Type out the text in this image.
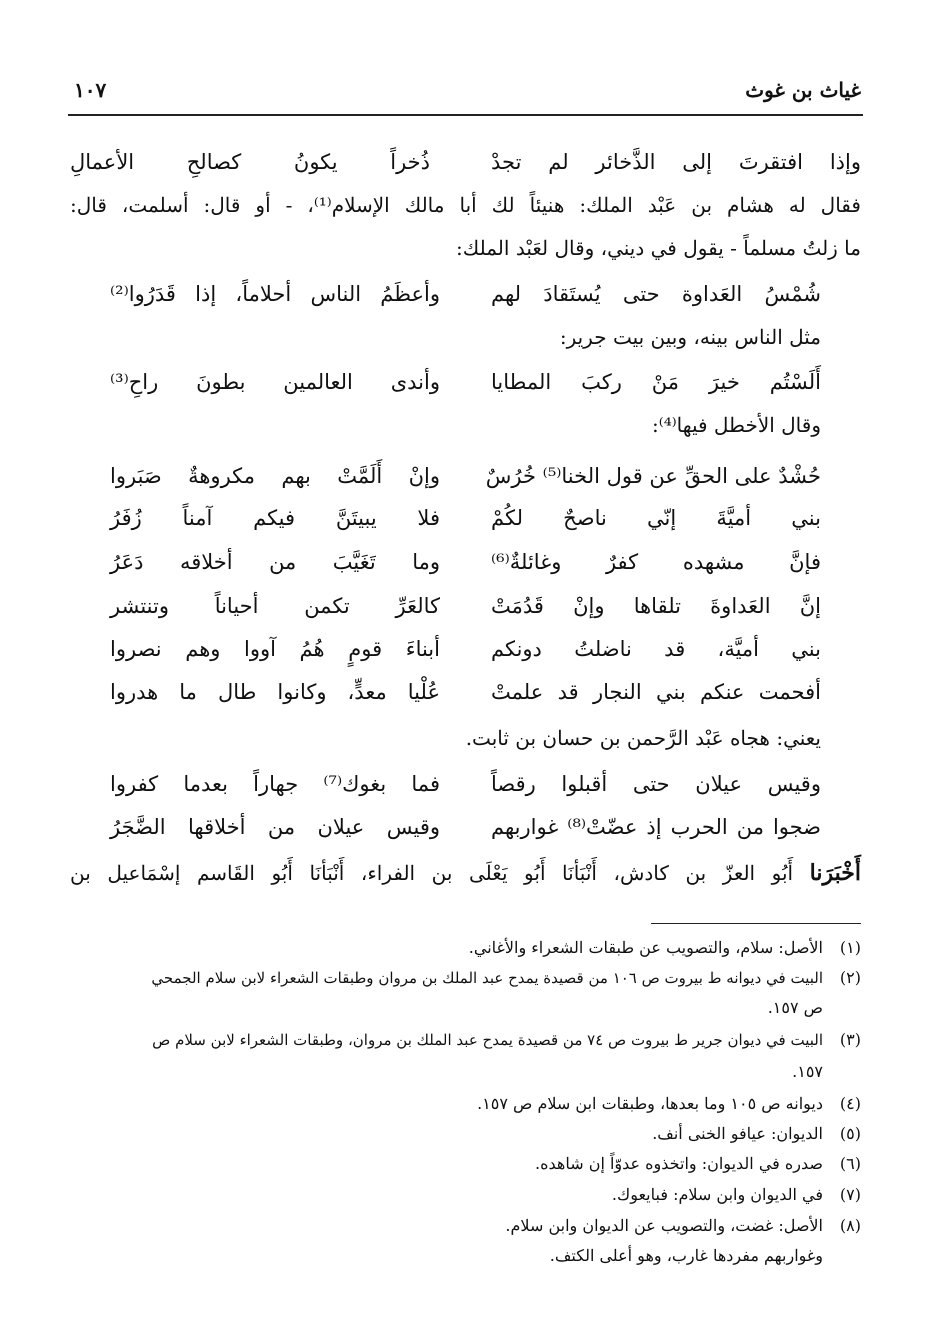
غياث بن غوث
١٠٧
وإذا افتقرتَ إلى الذَّخائر لم تجدْ
ذُخراً يكونُ كصالحِ الأعمالِ
فقال له هشام بن عَبْد الملك: هنيئاً لك أبا مالك الإسلام⁽¹⁾، - أو قال: أسلمت، قال:
ما زلتُ مسلماً - يقول في ديني، وقال لعَبْد الملك:
شُمْسُ العَداوة حتى يُستَقادَ لهم
وأعظَمُ الناس أحلاماً، إذا قَدَرُوا⁽²⁾
مثل الناس بينه، وبين بيت جرير:
أَلَسْتُم خيرَ مَنْ ركبَ المطايا
وأندى العالمين بطونَ راحِ⁽³⁾
وقال الأخطل فيها⁽⁴⁾:
حُشْدٌ على الحقِّ عن قول الخنا⁽⁵⁾ خُرُسٌ
وإنْ أَلَمَّتْ بهم مكروهةٌ صَبَروا
بني أميَّةَ إنّي ناصحٌ لكُمْ
فلا يبيتَنَّ فيكم آمناً زُفَرُ
فإنَّ مشهده كفرٌ وغائلةٌ⁽⁶⁾
وما تَغَيَّبَ من أخلاقه دَعَرُ
إنَّ العَداوةَ تلقاها وإنْ قَدُمَتْ
كالعَرِّ تكمن أحياناً وتنتشر
بني أميَّة، قد ناضلتُ دونكم
أبناءَ قومٍ هُمُ آووا وهم نصروا
أفحمت عنكم بني النجار قد علمتْ
عُلْيا معدٍّ، وكانوا طال ما هدروا
يعني: هجاه عَبْد الرَّحمن بن حسان بن ثابت.
وقيس عيلان حتى أقبلوا رقصاً
فما بغوك⁽⁷⁾ جهاراً بعدما كفروا
ضجوا من الحرب إذ عضّتْ⁽⁸⁾ غواربهم
وقيس عيلان من أخلاقها الضَّجَرُ
أَخْبَرَنا أَبُو العزّ بن كادش، أَنْبَأنَا أَبُو يَعْلَى بن الفراء، أَنْبَأنَا أَبُو القَاسم إسْمَاعيل بن
(١)الأصل: سلام، والتصويب عن طبقات الشعراء والأغاني.
(٢)البيت في ديوانه ط بيروت ص ١٠٦ من قصيدة يمدح عبد الملك بن مروان وطبقات الشعراء لابن سلام الجمحي
ص ١٥٧.
(٣)البيت في ديوان جرير ط بيروت ص ٧٤ من قصيدة يمدح عبد الملك بن مروان، وطبقات الشعراء لابن سلام ص
١٥٧.
(٤)ديوانه ص ١٠٥ وما بعدها، وطبقات ابن سلام ص ١٥٧.
(٥)الديوان: عيافو الخنى أنف.
(٦)صدره في الديوان: واتخذوه عدوّاً إن شاهده.
(٧)في الديوان وابن سلام: فبايعوك.
(٨)الأصل: غضت، والتصويب عن الديوان وابن سلام.
وغواربهم مفردها غارب، وهو أعلى الكتف.
